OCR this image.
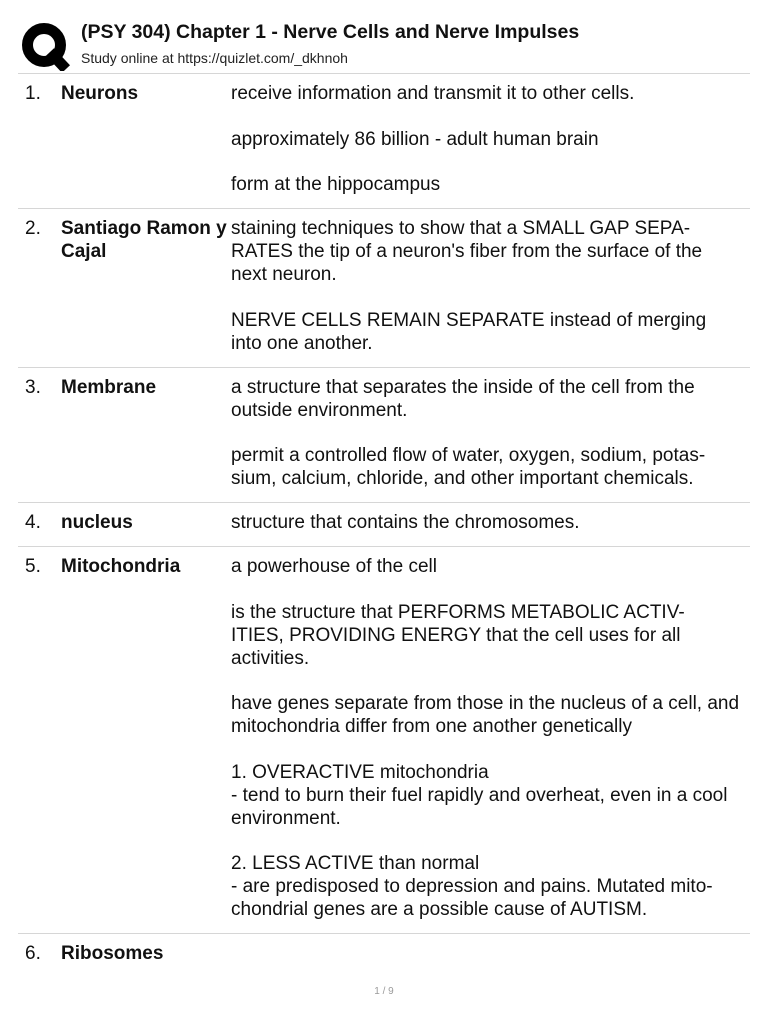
(PSY 304) Chapter 1 - Nerve Cells and Nerve Impulses
Study online at https://quizlet.com/_dkhnoh
1.	Neurons	receive information and transmit it to other cells.
approximately 86 billion - adult human brain
form at the hippocampus
2.	Santiago Ramon y Cajal
staining techniques to show that a SMALL GAP SEPA-
RATES the tip of a neuron's fiber from the surface of the next neuron.
NERVE CELLS REMAIN SEPARATE instead of merging into one another.
3.	Membrane	a structure that separates the inside of the cell from the outside environment.
permit a controlled flow of water, oxygen, sodium, potas-
sium, calcium, chloride, and other important chemicals.
4.	nucleus	structure that contains the chromosomes.
5.	Mitochondria	a powerhouse of the cell
is the structure that PERFORMS METABOLIC ACTIV-
ITIES, PROVIDING ENERGY that the cell uses for all activities.
have genes separate from those in the nucleus of a cell, and mitochondria differ from one another genetically
1. OVERACTIVE mitochondria
- tend to burn their fuel rapidly and overheat, even in a cool environment.
2. LESS ACTIVE than normal
- are predisposed to depression and pains. Mutated mito-
chondrial genes are a possible cause of AUTISM.
6.	Ribosomes
1 / 9
